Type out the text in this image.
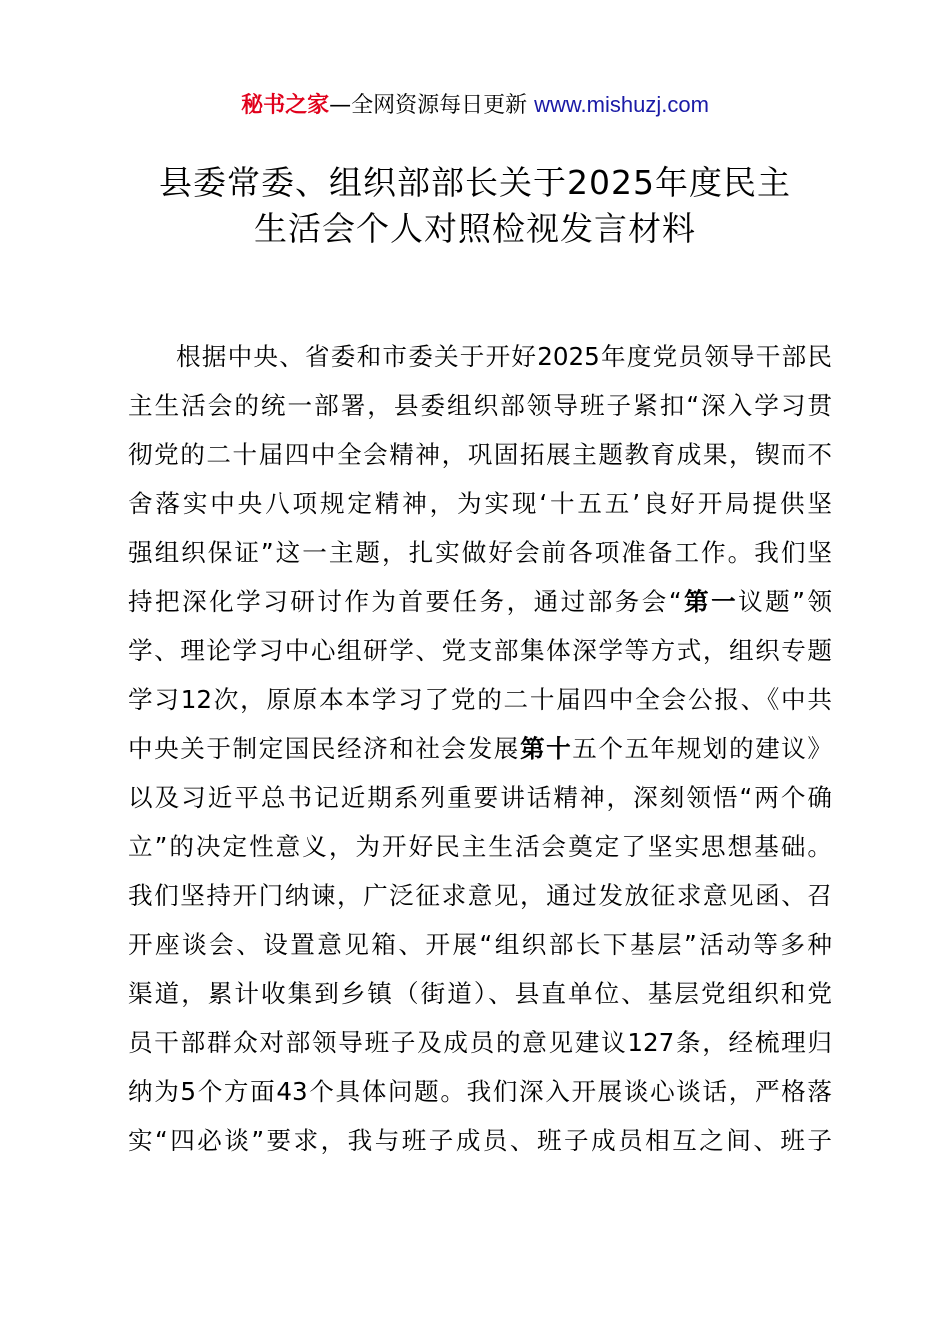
秘书之家—全网资源每日更新 www.mishuzj.com
县委常委、组织部部长关于2025年度民主
生活会个人对照检视发言材料
根据中央、省委和市委关于开好2025年度党员领导干部民
主生活会的统一部署，县委组织部领导班子紧扣“深入学习贯
彻党的二十届四中全会精神，巩固拓展主题教育成果，锲而不
舍落实中央八项规定精神，为实现‘十五五’良好开局提供坚
强组织保证”这一主题，扎实做好会前各项准备工作。我们坚
持把深化学习研讨作为首要任务，通过部务会“第一议题”领
学、理论学习中心组研学、党支部集体深学等方式，组织专题
学习12次，原原本本学习了党的二十届四中全会公报、《中共
中央关于制定国民经济和社会发展第十五个五年规划的建议》
以及习近平总书记近期系列重要讲话精神，深刻领悟“两个确
立”的决定性意义，为开好民主生活会奠定了坚实思想基础。
我们坚持开门纳谏，广泛征求意见，通过发放征求意见函、召
开座谈会、设置意见箱、开展“组织部长下基层”活动等多种
渠道，累计收集到乡镇（街道）、县直单位、基层党组织和党
员干部群众对部领导班子及成员的意见建议127条，经梳理归
纳为5个方面43个具体问题。我们深入开展谈心谈话，严格落
实“四必谈”要求，我与班子成员、班子成员相互之间、班子
